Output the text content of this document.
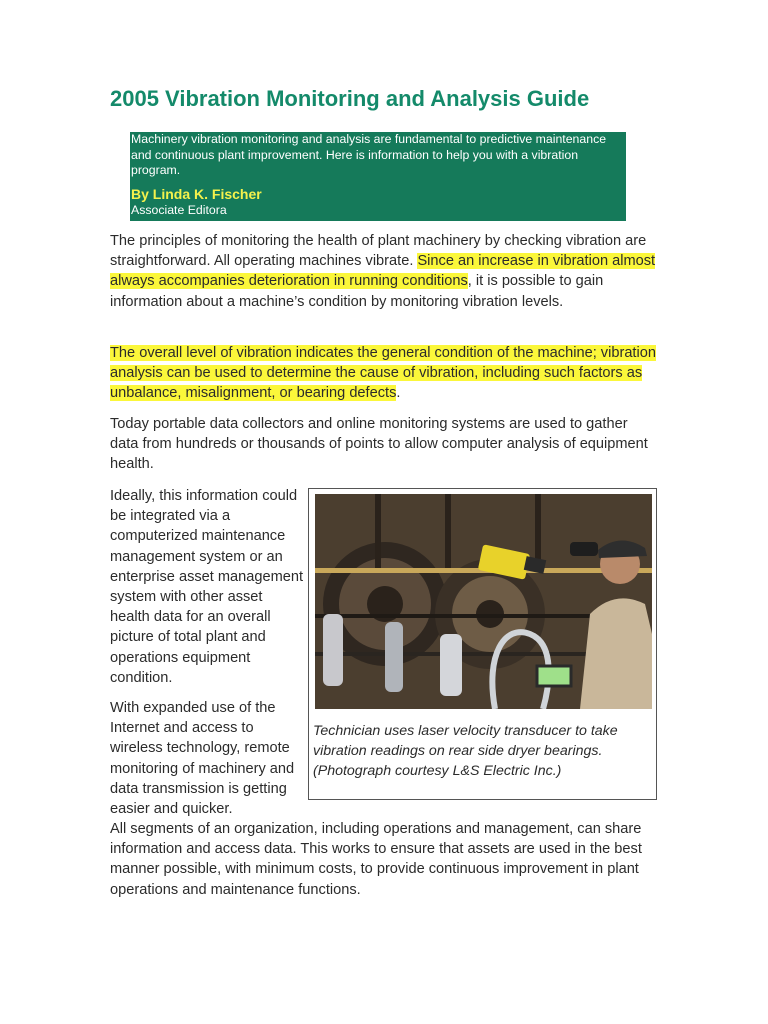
2005 Vibration Monitoring and Analysis Guide

Machinery vibration monitoring and analysis are fundamental to predictive maintenance and continuous plant improvement. Here is information to help you with a vibration program.

By Linda K. Fischer

Associate Editora

The principles of monitoring the health of plant machinery by checking vibration are straightforward. All operating machines vibrate. Since an increase in vibration almost always accompanies deterioration in running conditions, it is possible to gain information about a machine’s condition by monitoring vibration levels.

The overall level of vibration indicates the general condition of the machine; vibration analysis can be used to determine the cause of vibration, including such factors as unbalance, misalignment, or bearing defects.

Today portable data collectors and online monitoring systems are used to gather data from hundreds or thousands of points to allow computer analysis of equipment health.

Ideally, this information could be integrated via a computerized maintenance management system or an enterprise asset management system with other asset health data for an overall picture of total plant and operations equipment condition.

With expanded use of the Internet and access to wireless technology, remote monitoring of machinery and data transmission is getting easier and quicker.

All segments of an organization, including operations and management, can share information and access data. This works to ensure that assets are used in the best manner possible, with minimum costs, to provide continuous improvement in plant operations and maintenance functions.

Technician uses laser velocity transducer to take vibration readings on rear side dryer bearings. (Photograph courtesy L&S Electric Inc.)
